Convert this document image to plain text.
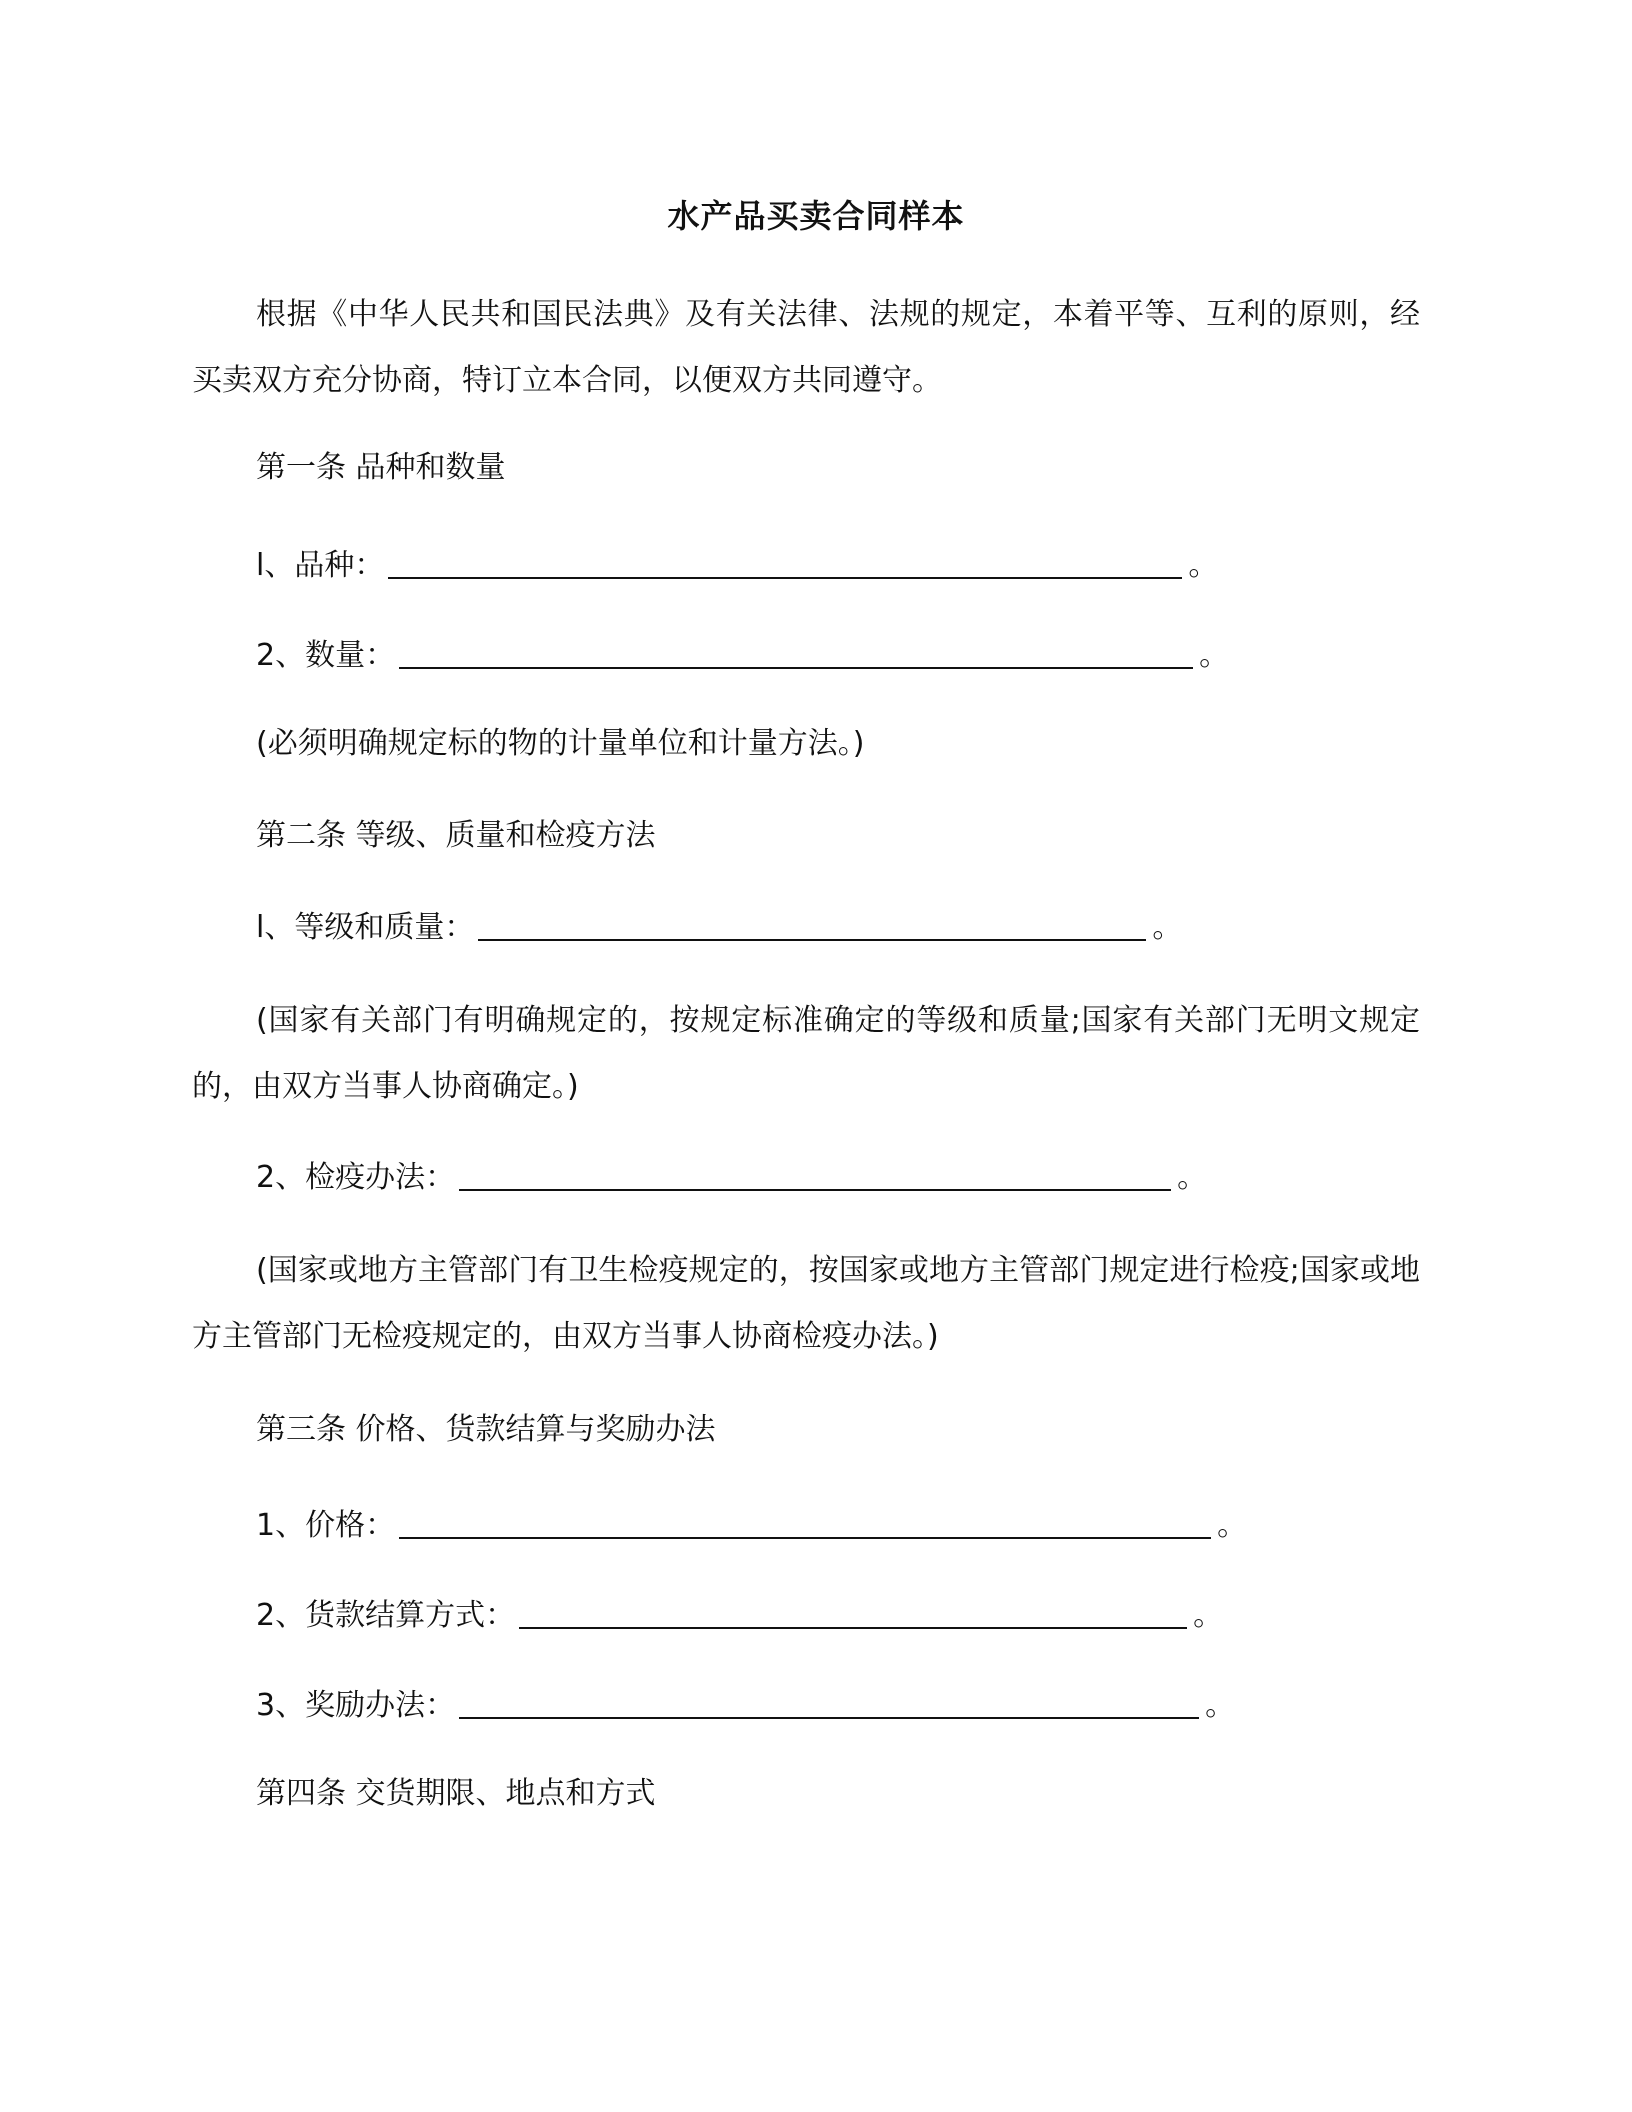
水产品买卖合同样本

根据《中华人民共和国民法典》及有关法律、法规的规定，本着平等、互利的原则，经买卖双方充分协商，特订立本合同，以便双方共同遵守。

第一条 品种和数量
l、品种：	。
2、数量：	。
(必须明确规定标的物的计量单位和计量方法。)
第二条 等级、质量和检疫方法
l、等级和质量：	。

(国家有关部门有明确规定的，按规定标准确定的等级和质量;国家有关部门无明文规定的，由双方当事人协商确定。)

2、检疫办法：	。

(国家或地方主管部门有卫生检疫规定的，按国家或地方主管部门规定进行检疫;国家或地方主管部门无检疫规定的，由双方当事人协商检疫办法。)

第三条 价格、货款结算与奖励办法
1、价格：	。
2、货款结算方式：	。
3、奖励办法：	。
第四条 交货期限、地点和方式
